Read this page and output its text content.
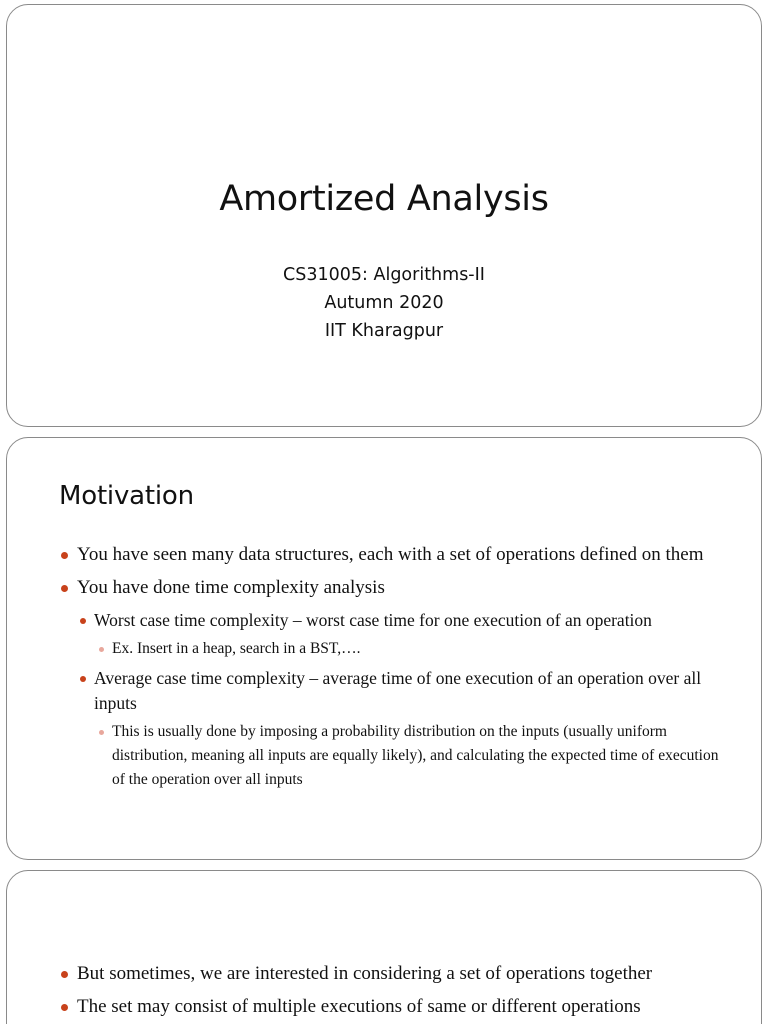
Amortized Analysis
CS31005: Algorithms-II
Autumn 2020
IIT Kharagpur
Motivation
You have seen many data structures, each with a set of operations defined on them
You have done time complexity analysis
Worst case time complexity – worst case time for one execution of an operation
Ex. Insert in a heap, search in a BST,….
Average case time complexity – average time of one execution of an operation over all inputs
This is usually done by imposing a probability distribution on the inputs (usually uniform distribution, meaning all inputs are equally likely), and calculating the expected time of execution of the operation over all inputs
But sometimes, we are interested in considering a set of operations together
The set may consist of multiple executions of same or different operations
